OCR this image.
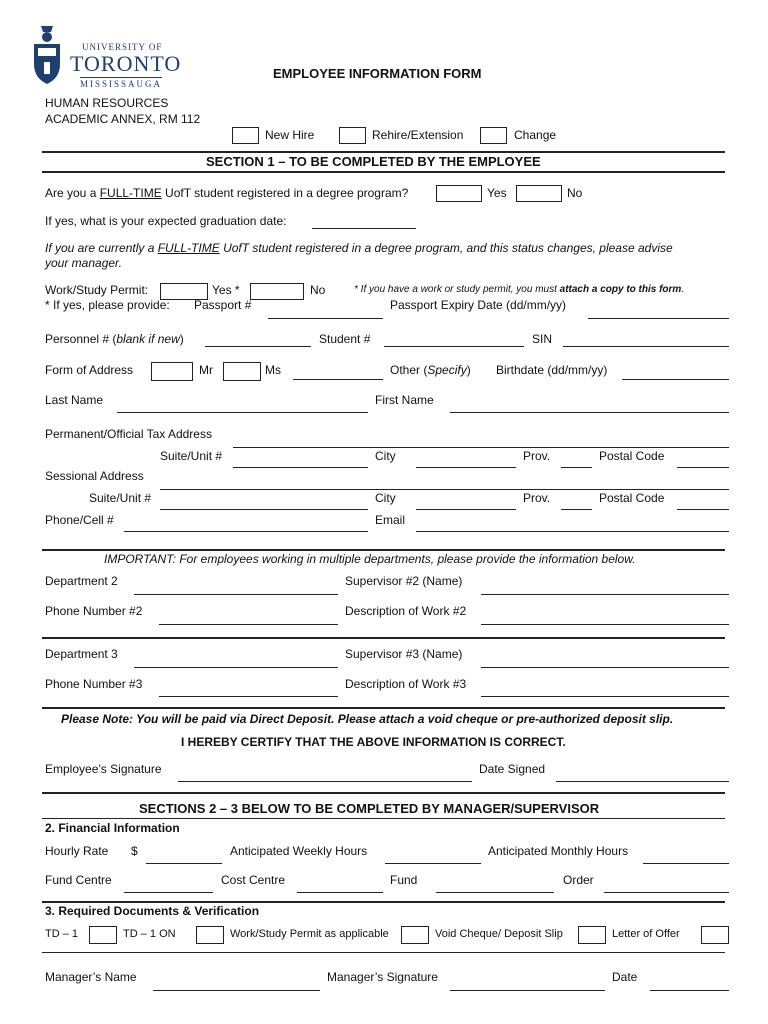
UNIVERSITY OF
TORONTO
MISSISSAUGA
EMPLOYEE INFORMATION FORM
HUMAN RESOURCES
ACADEMIC ANNEX, RM 112
New Hire	Rehire/Extension	Change
SECTION 1 – TO BE COMPLETED BY THE EMPLOYEE
Are you a FULL-TIME UofT student registered in a degree program?	Yes	No
If yes, what is your expected graduation date:
If you are currently a FULL-TIME UofT student registered in a degree program, and this status changes, please advise
your manager.
Work/Study Permit:	Yes *	No	* If you have a work or study permit, you must attach a copy to this form.
* If yes, please provide: Passport #	Passport Expiry Date (dd/mm/yy)
Personnel # (blank if new)	Student #	SIN
Form of Address	Mr	Ms	Other (Specify) Birthdate (dd/mm/yy)
Last Name	First Name
Permanent/Official Tax Address
Suite/Unit #	City	Prov.	Postal Code
Sessional Address
Suite/Unit #	City	Prov.	Postal Code
Phone/Cell #	Email
IMPORTANT: For employees working in multiple departments, please provide the information below.
Department 2	Supervisor #2 (Name)
Phone Number #2	Description of Work #2
Department 3	Supervisor #3 (Name)
Phone Number #3	Description of Work #3
Please Note: You will be paid via Direct Deposit. Please attach a void cheque or pre-authorized deposit slip.
I HEREBY CERTIFY THAT THE ABOVE INFORMATION IS CORRECT.
Employee’s Signature	Date Signed
SECTIONS 2 – 3 BELOW TO BE COMPLETED BY MANAGER/SUPERVISOR
2. Financial Information
Hourly Rate $	Anticipated Weekly Hours	Anticipated Monthly Hours
Fund Centre	Cost Centre	Fund	Order
3. Required Documents & Verification
TD – 1	TD – 1 ON	Work/Study Permit as applicable	Void Cheque/ Deposit Slip	Letter of Offer
Manager’s Name	Manager’s Signature	Date
